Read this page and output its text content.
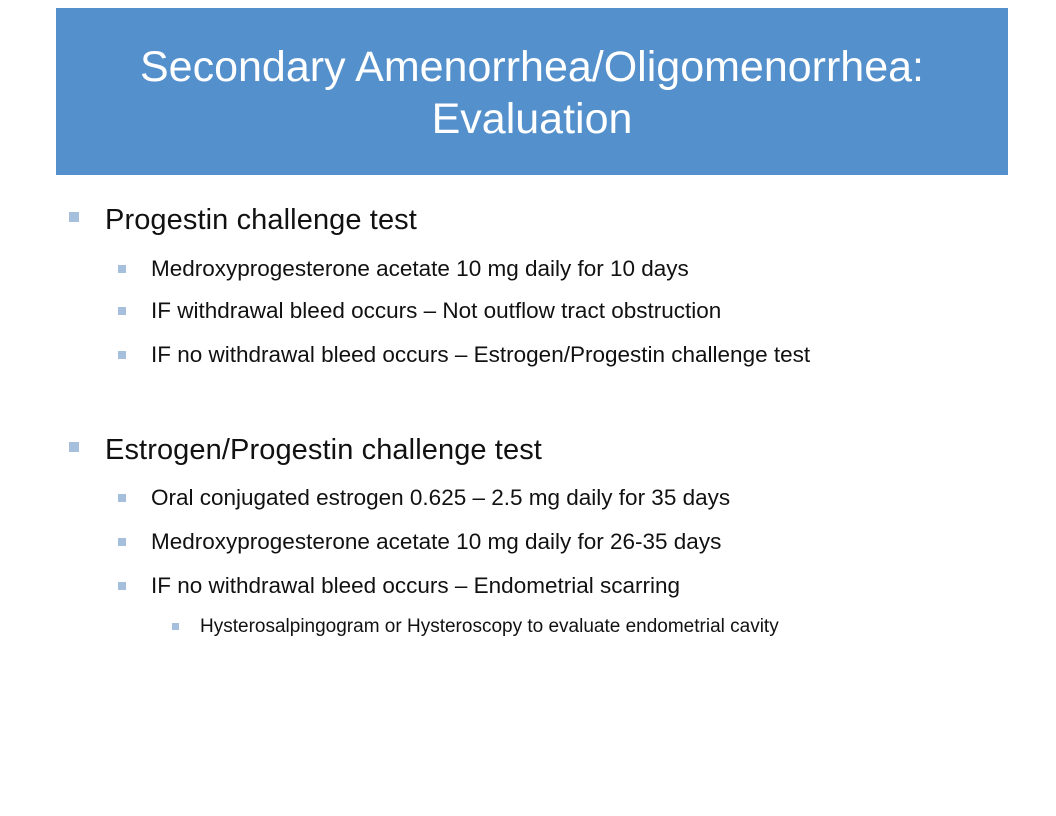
Secondary Amenorrhea/Oligomenorrhea:
Evaluation
Progestin challenge test
Medroxyprogesterone acetate 10 mg daily for 10 days
IF withdrawal bleed occurs – Not outflow tract obstruction
IF no withdrawal bleed occurs – Estrogen/Progestin challenge test
Estrogen/Progestin challenge test
Oral conjugated estrogen 0.625 – 2.5 mg daily for 35 days
Medroxyprogesterone acetate 10 mg daily for 26-35 days
IF no withdrawal bleed occurs – Endometrial scarring
Hysterosalpingogram or Hysteroscopy to evaluate endometrial cavity
